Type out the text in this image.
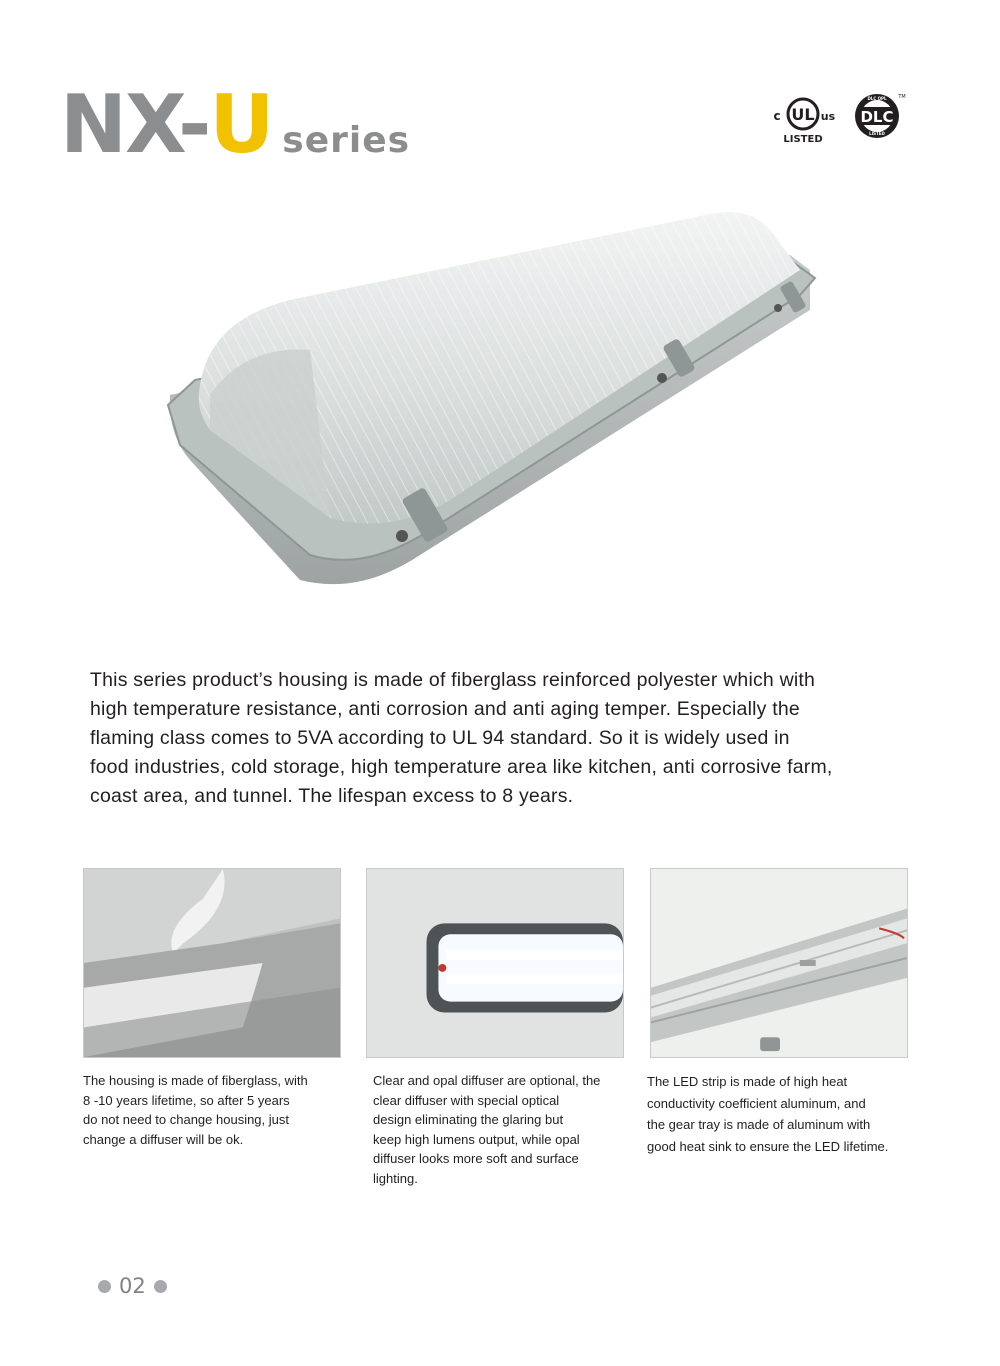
NX-U series
UL
c	us
LISTED
DLC
DLC QPL
LISTED
TM

This series product’s housing is made of fiberglass reinforced polyester which with

high temperature resistance, anti corrosion and anti aging temper. Especially the

flaming class comes to 5VA according to UL 94 standard. So it is widely used in

food industries, cold storage, high temperature area like kitchen, anti corrosive farm,

coast area, and tunnel. The lifespan excess to 8 years.

The housing is made of fiberglass, with
8 -10 years lifetime, so after 5 years
do not need to change housing, just
change a diffuser will be ok.
Clear and opal diffuser are optional, the
clear diffuser with special optical
design eliminating the glaring but
keep high lumens output, while opal
diffuser looks more soft and surface
lighting.
The LED strip is made of high heat
conductivity coefficient aluminum, and
the gear tray is made of aluminum with
good heat sink to ensure the LED lifetime.
02
